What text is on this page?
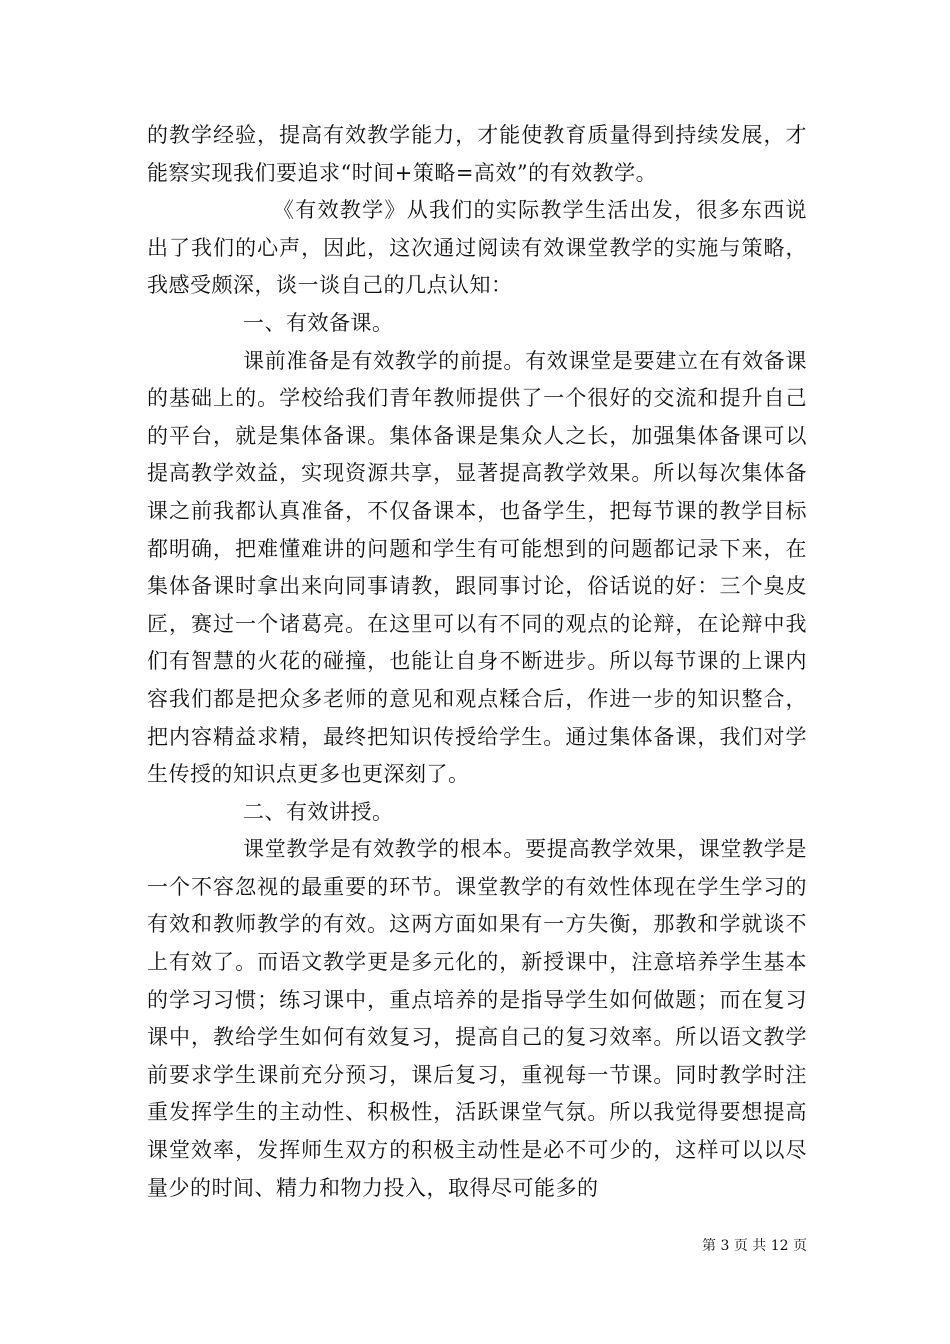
的教学经验，提高有效教学能力，才能使教育质量得到持续发展，才能察实现我们要追求“时间+策略=高效”的有效教学。

《有效教学》从我们的实际教学生活出发，很多东西说出了我们的心声，因此，这次通过阅读有效课堂教学的实施与策略，我感受颇深，谈一谈自己的几点认知：

一、有效备课。

课前准备是有效教学的前提。有效课堂是要建立在有效备课的基础上的。学校给我们青年教师提供了一个很好的交流和提升自己的平台，就是集体备课。集体备课是集众人之长，加强集体备课可以提高教学效益，实现资源共享，显著提高教学效果。所以每次集体备课之前我都认真准备，不仅备课本，也备学生，把每节课的教学目标都明确，把难懂难讲的问题和学生有可能想到的问题都记录下来，在集体备课时拿出来向同事请教，跟同事讨论，俗话说的好：三个臭皮匠，赛过一个诸葛亮。在这里可以有不同的观点的论辩，在论辩中我们有智慧的火花的碰撞，也能让自身不断进步。所以每节课的上课内容我们都是把众多老师的意见和观点糅合后，作进一步的知识整合，把内容精益求精，最终把知识传授给学生。通过集体备课，我们对学生传授的知识点更多也更深刻了。

二、有效讲授。

课堂教学是有效教学的根本。要提高教学效果，课堂教学是一个不容忽视的最重要的环节。课堂教学的有效性体现在学生学习的有效和教师教学的有效。这两方面如果有一方失衡，那教和学就谈不上有效了。而语文教学更是多元化的，新授课中，注意培养学生基本的学习习惯；练习课中，重点培养的是指导学生如何做题；而在复习课中，教给学生如何有效复习，提高自己的复习效率。所以语文教学前要求学生课前充分预习，课后复习，重视每一节课。同时教学时注重发挥学生的主动性、积极性，活跃课堂气氛。所以我觉得要想提高课堂效率，发挥师生双方的积极主动性是必不可少的，这样可以以尽量少的时间、精力和物力投入，取得尽可能多的

第 3 页 共 12 页
